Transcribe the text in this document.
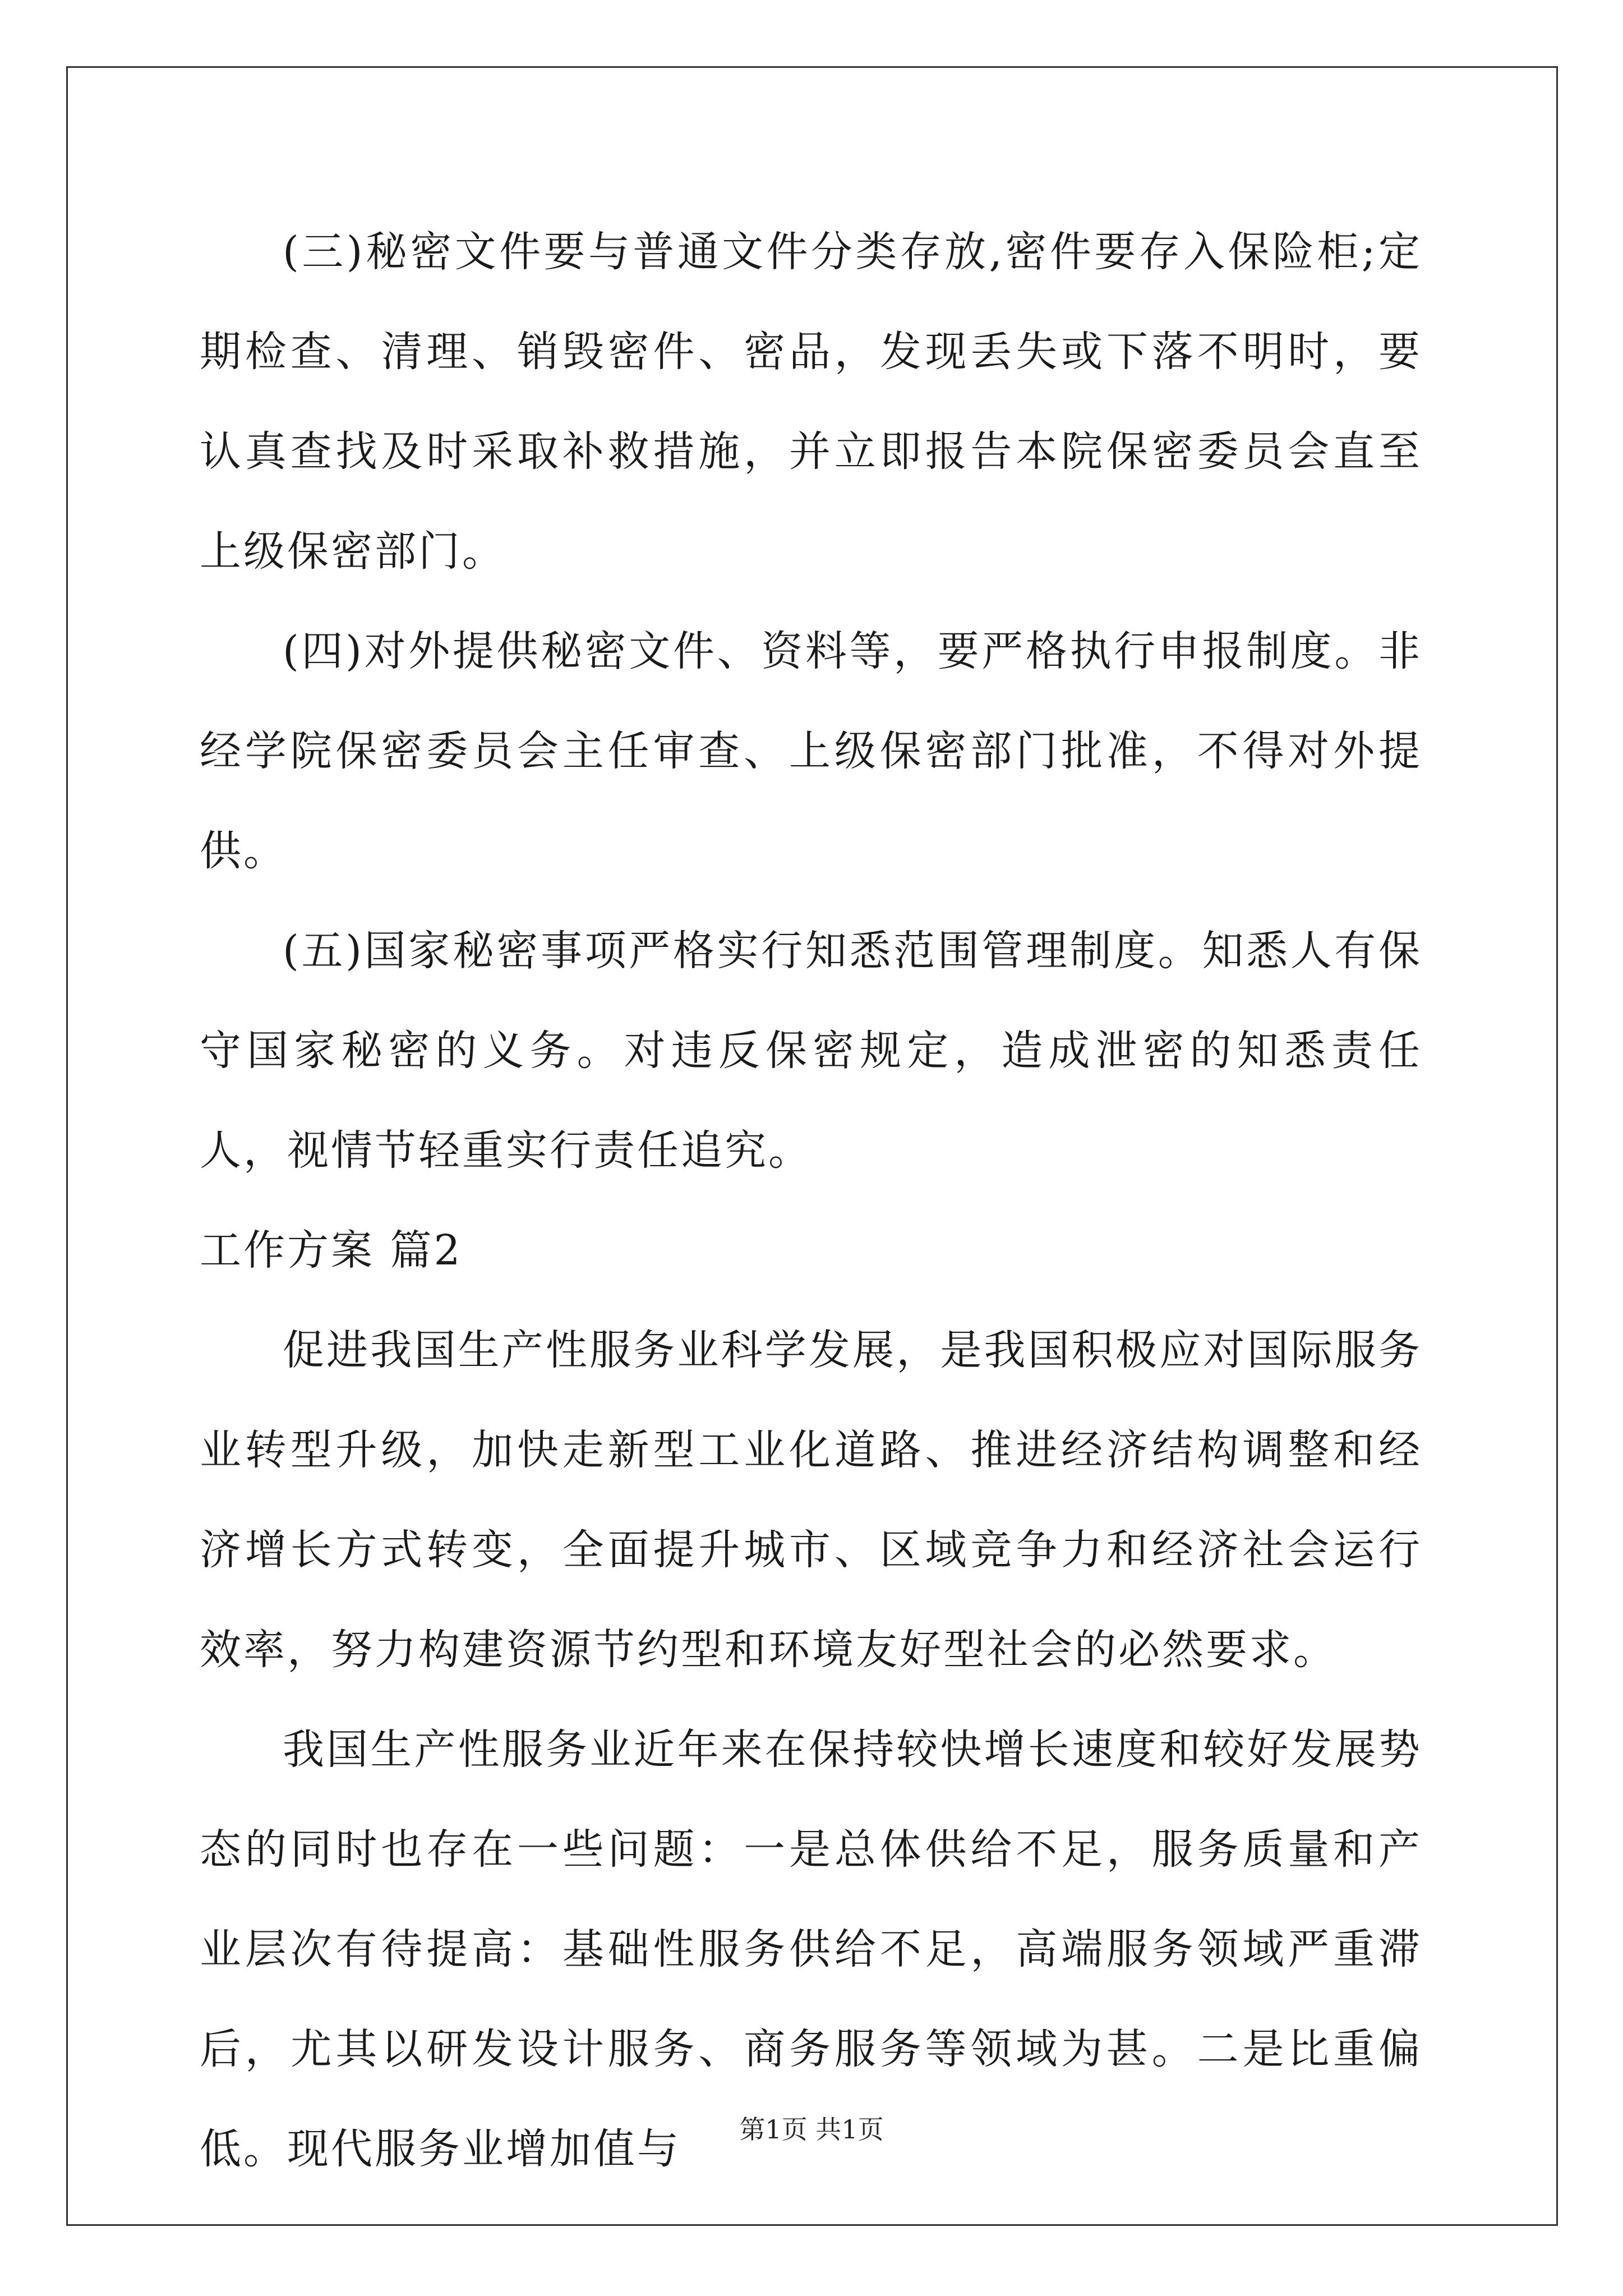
(三)秘密文件要与普通文件分类存放,密件要存入保险柜;定期检查、清理、销毁密件、密品，发现丢失或下落不明时，要认真查找及时采取补救措施，并立即报告本院保密委员会直至上级保密部门。

(四)对外提供秘密文件、资料等，要严格执行申报制度。非经学院保密委员会主任审查、上级保密部门批准，不得对外提供。

(五)国家秘密事项严格实行知悉范围管理制度。知悉人有保守国家秘密的义务。对违反保密规定，造成泄密的知悉责任人，视情节轻重实行责任追究。

工作方案 篇2

促进我国生产性服务业科学发展，是我国积极应对国际服务业转型升级，加快走新型工业化道路、推进经济结构调整和经济增长方式转变，全面提升城市、区域竞争力和经济社会运行效率，努力构建资源节约型和环境友好型社会的必然要求。

我国生产性服务业近年来在保持较快增长速度和较好发展势态的同时也存在一些问题：一是总体供给不足，服务质量和产业层次有待提高：基础性服务供给不足，高端服务领域严重滞后，尤其以研发设计服务、商务服务等领域为甚。二是比重偏低。现代服务业增加值与	第1页 共1页
